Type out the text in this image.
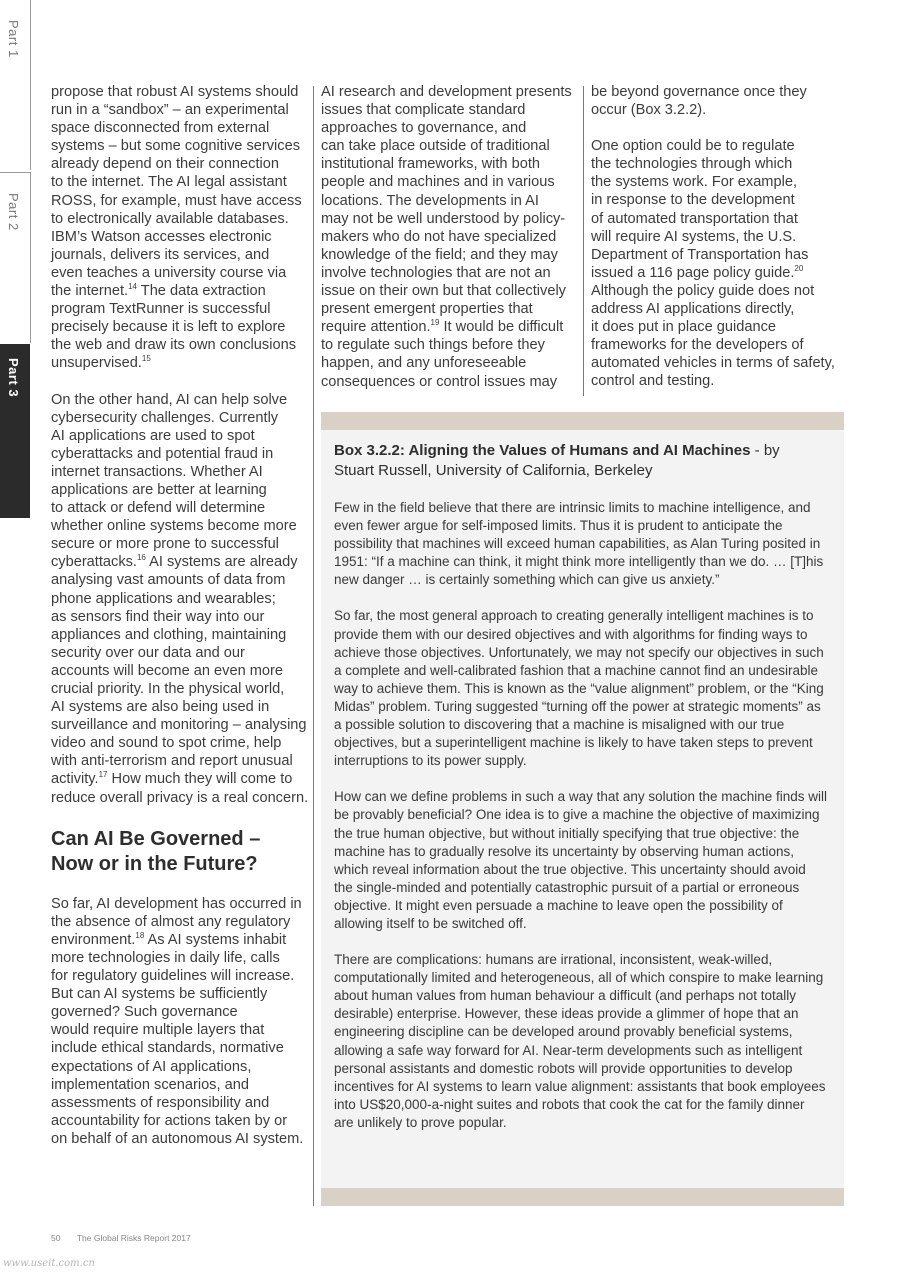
Part 1
Part 2
Part 3

propose that robust AI systems should
run in a “sandbox” – an experimental
space disconnected from external
systems – but some cognitive services
already depend on their connection
to the internet. The AI legal assistant
ROSS, for example, must have access
to electronically available databases.
IBM’s Watson accesses electronic
journals, delivers its services, and
even teaches a university course via
the internet.$^{14}$ The data extraction
program TextRunner is successful
precisely because it is left to explore
the web and draw its own conclusions
unsupervised.$^{15}$

On the other hand, AI can help solve
cybersecurity challenges. Currently
AI applications are used to spot
cyberattacks and potential fraud in
internet transactions. Whether AI
applications are better at learning
to attack or defend will determine
whether online systems become more
secure or more prone to successful
cyberattacks.$^{16}$ AI systems are already
analysing vast amounts of data from
phone applications and wearables;
as sensors find their way into our
appliances and clothing, maintaining
security over our data and our
accounts will become an even more
crucial priority. In the physical world,
AI systems are also being used in
surveillance and monitoring – analysing
video and sound to spot crime, help
with anti-terrorism and report unusual
activity.$^{17}$ How much they will come to
reduce overall privacy is a real concern.

Can AI Be Governed –
Now or in the Future?

So far, AI development has occurred in
the absence of almost any regulatory
environment.$^{18}$ As AI systems inhabit
more technologies in daily life, calls
for regulatory guidelines will increase.
But can AI systems be sufficiently
governed? Such governance
would require multiple layers that
include ethical standards, normative
expectations of AI applications,
implementation scenarios, and
assessments of responsibility and
accountability for actions taken by or
on behalf of an autonomous AI system.

AI research and development presents
issues that complicate standard
approaches to governance, and
can take place outside of traditional
institutional frameworks, with both
people and machines and in various
locations. The developments in AI
may not be well understood by policy-
makers who do not have specialized
knowledge of the field; and they may
involve technologies that are not an
issue on their own but that collectively
present emergent properties that
require attention.$^{19}$ It would be difficult
to regulate such things before they
happen, and any unforeseeable
consequences or control issues may

be beyond governance once they
occur (Box 3.2.2).

One option could be to regulate
the technologies through which
the systems work. For example,
in response to the development
of automated transportation that
will require AI systems, the U.S.
Department of Transportation has
issued a 116 page policy guide.$^{20}$
Although the policy guide does not
address AI applications directly,
it does put in place guidance
frameworks for the developers of
automated vehicles in terms of safety,
control and testing.

Box 3.2.2: Aligning the Values of Humans and AI Machines - by
Stuart Russell, University of California, Berkeley

Few in the field believe that there are intrinsic limits to machine intelligence, and
even fewer argue for self-imposed limits. Thus it is prudent to anticipate the
possibility that machines will exceed human capabilities, as Alan Turing posited in
1951: “If a machine can think, it might think more intelligently than we do. … [T]his
new danger … is certainly something which can give us anxiety.”

So far, the most general approach to creating generally intelligent machines is to
provide them with our desired objectives and with algorithms for finding ways to
achieve those objectives. Unfortunately, we may not specify our objectives in such
a complete and well-calibrated fashion that a machine cannot find an undesirable
way to achieve them. This is known as the “value alignment” problem, or the “King
Midas” problem. Turing suggested “turning off the power at strategic moments” as
a possible solution to discovering that a machine is misaligned with our true
objectives, but a superintelligent machine is likely to have taken steps to prevent
interruptions to its power supply.

How can we define problems in such a way that any solution the machine finds will
be provably beneficial? One idea is to give a machine the objective of maximizing
the true human objective, but without initially specifying that true objective: the
machine has to gradually resolve its uncertainty by observing human actions,
which reveal information about the true objective. This uncertainty should avoid
the single-minded and potentially catastrophic pursuit of a partial or erroneous
objective. It might even persuade a machine to leave open the possibility of
allowing itself to be switched off.

There are complications: humans are irrational, inconsistent, weak-willed,
computationally limited and heterogeneous, all of which conspire to make learning
about human values from human behaviour a difficult (and perhaps not totally
desirable) enterprise. However, these ideas provide a glimmer of hope that an
engineering discipline can be developed around provably beneficial systems,
allowing a safe way forward for AI. Near-term developments such as intelligent
personal assistants and domestic robots will provide opportunities to develop
incentives for AI systems to learn value alignment: assistants that book employees
into US$20,000-a-night suites and robots that cook the cat for the family dinner
are unlikely to prove popular.

50 The Global Risks Report 2017
www.useit.com.cn
